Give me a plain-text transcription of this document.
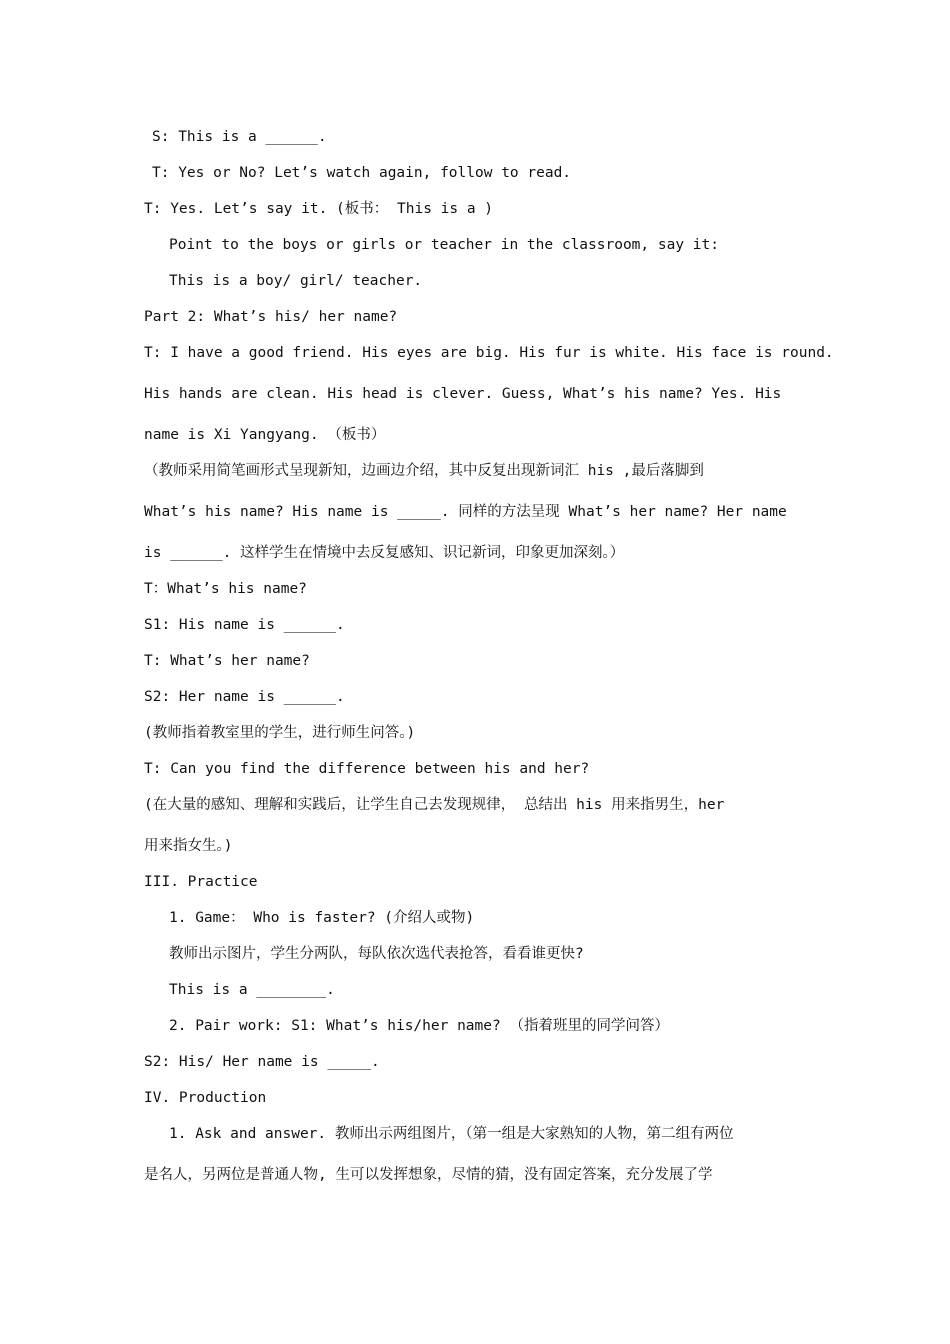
S: This is a ______.
T: Yes or No? Let’s watch again, follow to read.
T: Yes. Let’s say it. (板书： This is a )
Point to the boys or girls or teacher in the classroom, say it:
This is a boy/ girl/ teacher.
Part 2: What’s his/ her name?
T: I have a good friend. His eyes are big. His fur is white. His face is round.
His hands are clean. His head is clever. Guess, What’s his name? Yes. His
name is Xi Yangyang. （板书）
（教师采用简笔画形式呈现新知，边画边介绍，其中反复出现新词汇 his ,最后落脚到
What’s his name? His name is _____. 同样的方法呈现 What’s her name? Her name
is ______. 这样学生在情境中去反复感知、识记新词，印象更加深刻。）
T：What’s his name?
S1: His name is ______.
T: What’s her name?
S2: Her name is ______.
(教师指着教室里的学生，进行师生问答。)
T: Can you find the difference between his and her?
(在大量的感知、理解和实践后，让学生自己去发现规律， 总结出 his 用来指男生，her
用来指女生。)
III. Practice
1. Game： Who is faster? (介绍人或物)
教师出示图片，学生分两队，每队依次选代表抢答，看看谁更快?
This is a ________.
2. Pair work: S1: What’s his/her name? （指着班里的同学问答）
S2: His/ Her name is _____.
IV. Production
1. Ask and answer. 教师出示两组图片，（第一组是大家熟知的人物，第二组有两位
是名人，另两位是普通人物, 生可以发挥想象，尽情的猜，没有固定答案，充分发展了学
